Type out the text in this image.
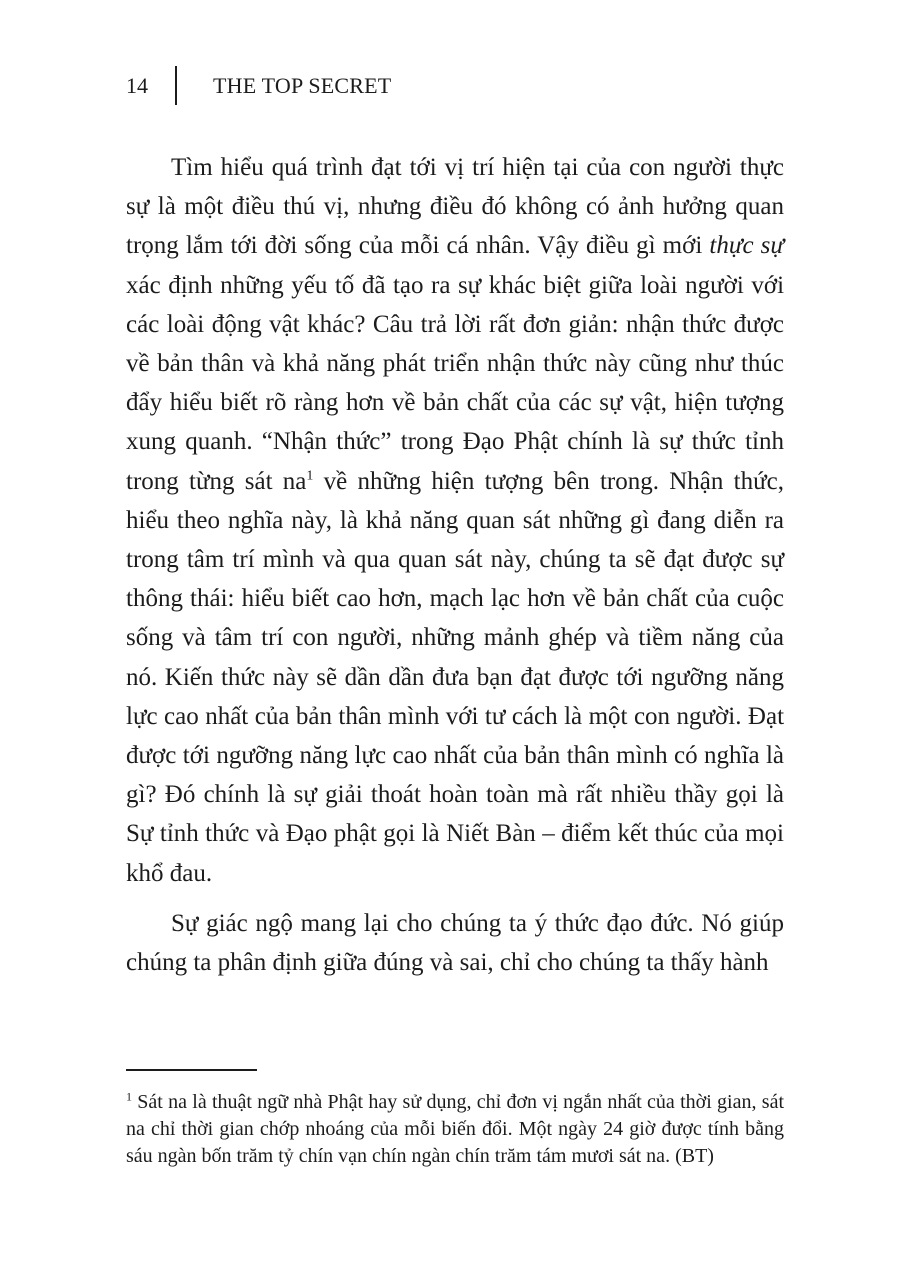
14	THE TOP SECRET

Tìm hiểu quá trình đạt tới vị trí hiện tại của con người thực sự là một điều thú vị, nhưng điều đó không có ảnh hưởng quan trọng lắm tới đời sống của mỗi cá nhân. Vậy điều gì mới thực sự xác định những yếu tố đã tạo ra sự khác biệt giữa loài người với các loài động vật khác? Câu trả lời rất đơn giản: nhận thức được về bản thân và khả năng phát triển nhận thức này cũng như thúc đẩy hiểu biết rõ ràng hơn về bản chất của các sự vật, hiện tượng xung quanh. “Nhận thức” trong Đạo Phật chính là sự thức tỉnh trong từng sát na$^1$ về những hiện tượng bên trong. Nhận thức, hiểu theo nghĩa này, là khả năng quan sát những gì đang diễn ra trong tâm trí mình và qua quan sát này, chúng ta sẽ đạt được sự thông thái: hiểu biết cao hơn, mạch lạc hơn về bản chất của cuộc sống và tâm trí con người, những mảnh ghép và tiềm năng của nó. Kiến thức này sẽ dần dần đưa bạn đạt được tới ngưỡng năng lực cao nhất của bản thân mình với tư cách là một con người. Đạt được tới ngưỡng năng lực cao nhất của bản thân mình có nghĩa là gì? Đó chính là sự giải thoát hoàn toàn mà rất nhiều thầy gọi là Sự tỉnh thức và Đạo phật gọi là Niết Bàn – điểm kết thúc của mọi khổ đau.

Sự giác ngộ mang lại cho chúng ta ý thức đạo đức. Nó giúp chúng ta phân định giữa đúng và sai, chỉ cho chúng ta thấy hành

$^1$ Sát na là thuật ngữ nhà Phật hay sử dụng, chỉ đơn vị ngắn nhất của thời gian, sát na chỉ thời gian chớp nhoáng của mỗi biến đổi. Một ngày 24 giờ được tính bằng sáu ngàn bốn trăm tỷ chín vạn chín ngàn chín trăm tám mươi sát na. (BT)
